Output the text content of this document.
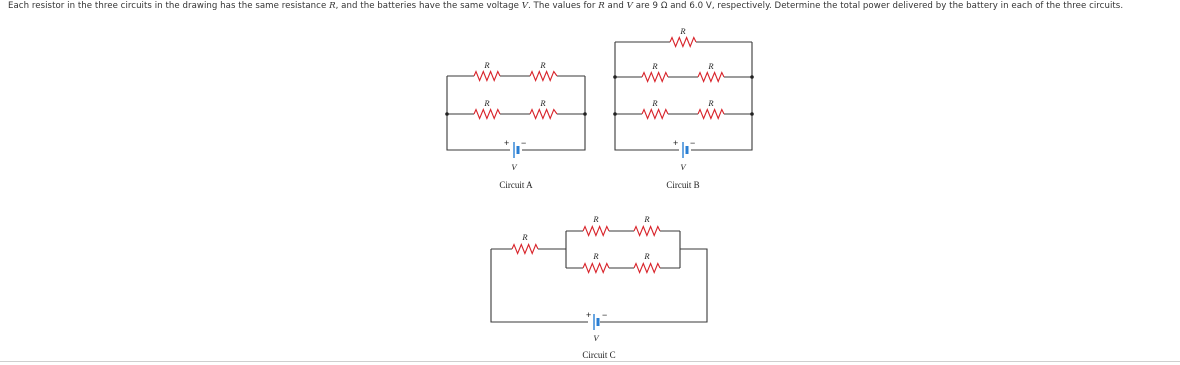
Each resistor in the three circuits in the drawing has the same resistance R, and the batteries have the same voltage V. The values for R and V are 9 Ω and 6.0 V, respectively. Determine the total power delivered by the battery in each of the three circuits.
R	R
R	R
+ −
V
Circuit A
R
R	R
R	R
+ −
V
Circuit B
R
R	R
R	R
+ −
V
Circuit C
